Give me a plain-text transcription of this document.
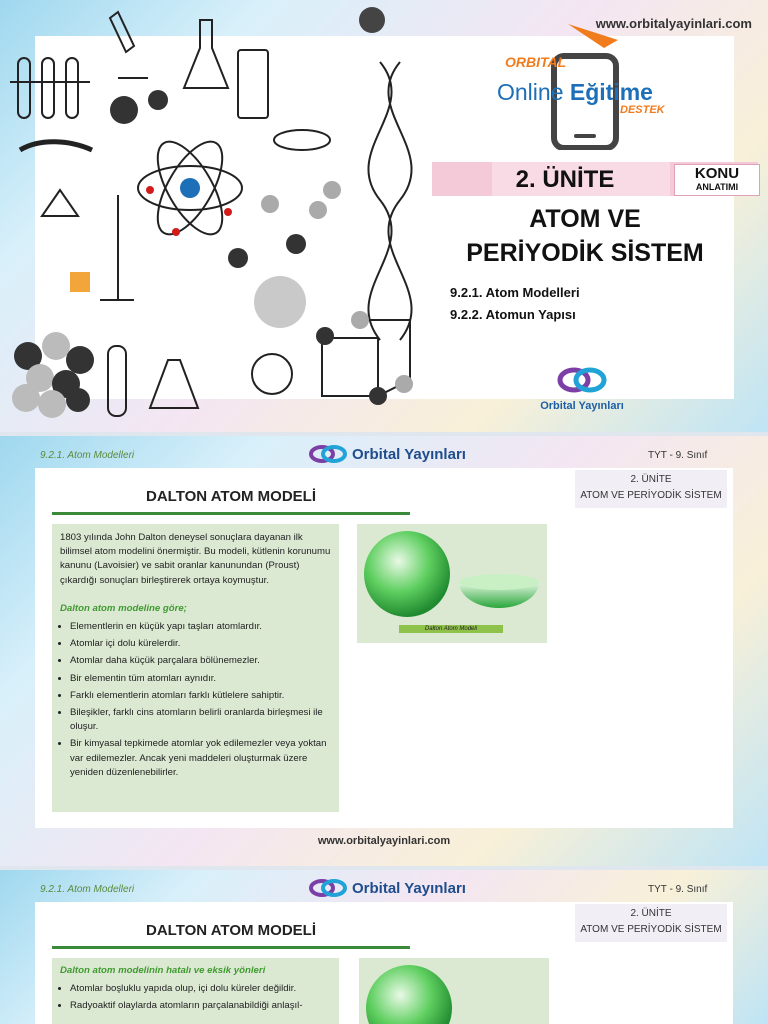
www.orbitalyayinlari.com
ORBITAL
Online Eğitime
DESTEK
2. ÜNİTE	KONU
ANLATIMI
ATOM VE
PERİYODİK SİSTEM
9.2.1. Atom Modelleri
9.2.2. Atomun Yapısı
Orbital Yayınları
9.2.1. Atom Modelleri	Orbital Yayınları	TYT - 9. Sınıf
2. ÜNİTE
ATOM VE PERİYODİK SİSTEM
DALTON ATOM MODELİ

1803 yılında John Dalton deneysel sonuçlara dayanan ilk bilimsel atom modelini önermiştir. Bu modeli, kütlenin korunumu kanunu (Lavoisier) ve sabit oranlar kanunundan (Proust) çıkardığı sonuçları birleştirerek ortaya koymuştur.

Dalton atom modeline göre;

• Elementlerin en küçük yapı taşları atomlardır.
• Atomlar içi dolu kürelerdir.
• Atomlar daha küçük parçalara bölünemezler.
• Bir elementin tüm atomları aynıdır.
• Farklı elementlerin atomları farklı kütlelere sahiptir.
• Bileşikler, farklı cins atomların belirli oranlarda birleşmesi ile oluşur.
• Bir kimyasal tepkimede atomlar yok edilemezler veya yoktan var edilemezler. Ancak yeni maddeleri oluşturmak üzere yeniden düzenlenebilirler.
Dalton Atom Modeli
www.orbitalyayinlari.com
9.2.1. Atom Modelleri	Orbital Yayınları	TYT - 9. Sınıf
2. ÜNİTE
ATOM VE PERİYODİK SİSTEM
DALTON ATOM MODELİ

Dalton atom modelinin hatalı ve eksik yönleri

• Atomlar boşluklu yapıda olup, içi dolu küreler değildir.
• Radyoaktif olaylarda atomların parçalanabildiği anlaşıl-
